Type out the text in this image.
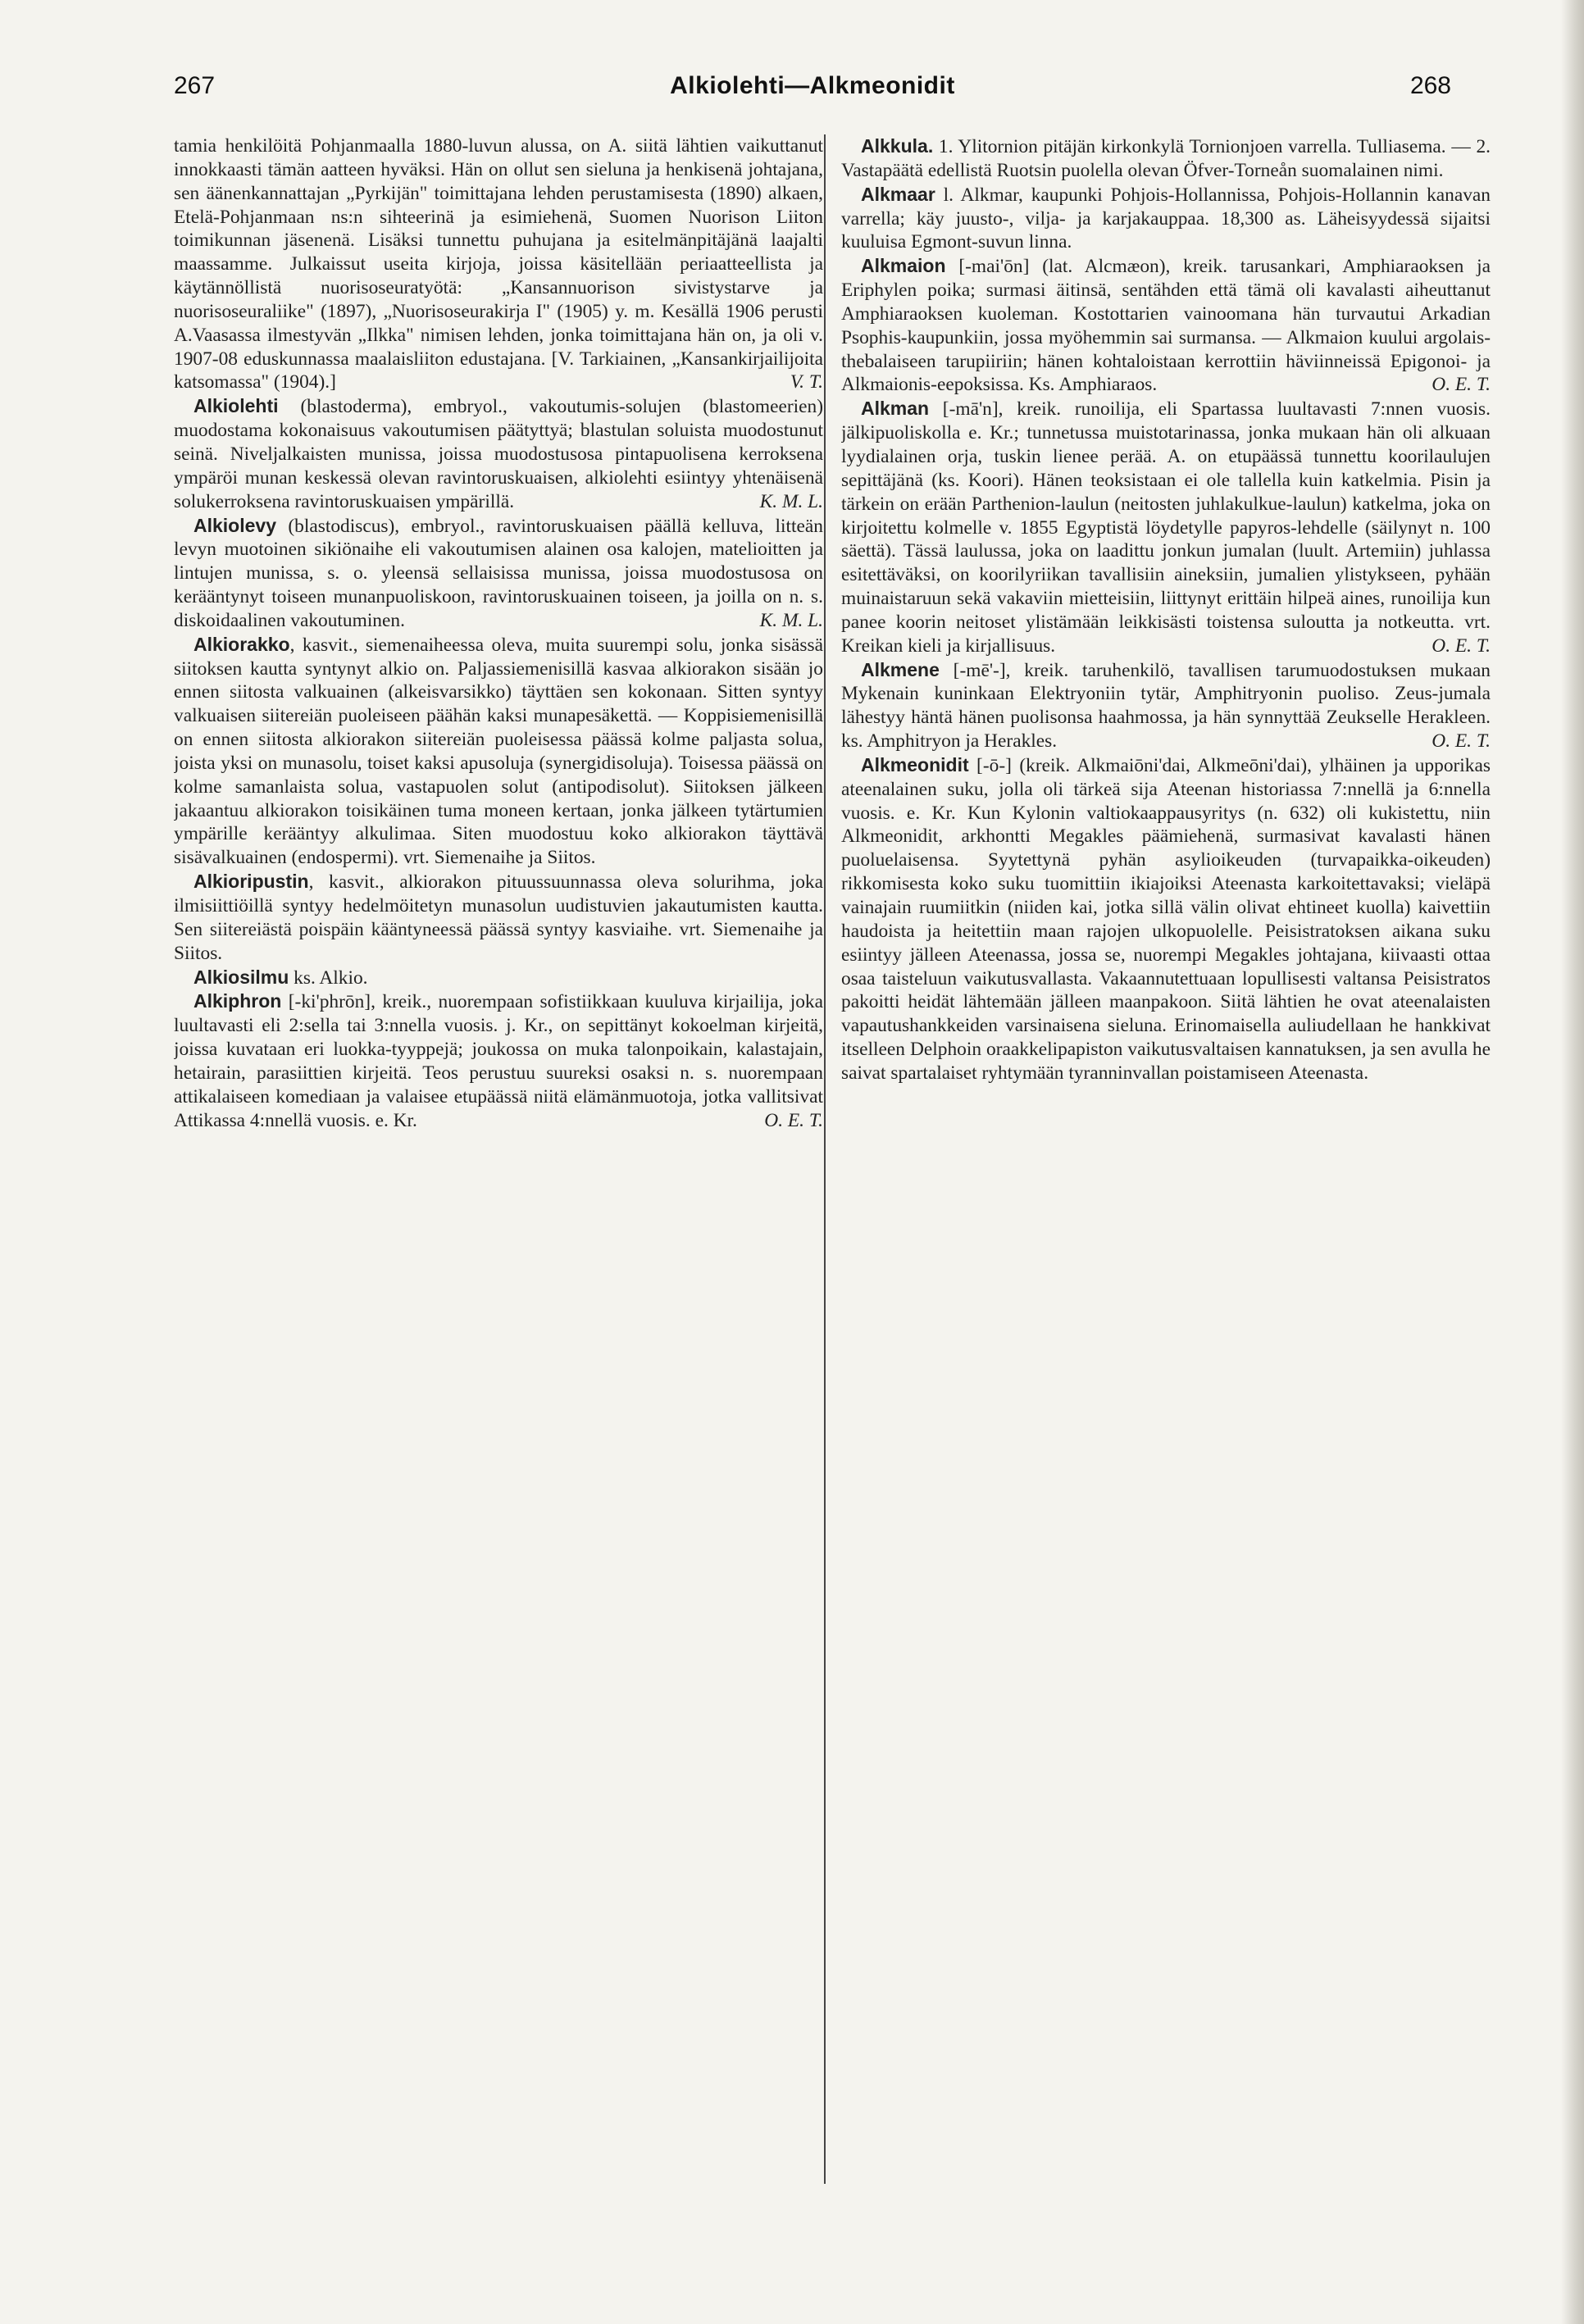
267	Alkiolehti—Alkmeonidit	268

tamia henkilöitä Pohjanmaalla 1880-luvun alussa, on A. siitä lähtien vaikuttanut innokkaasti tämän aatteen hyväksi. Hän on ollut sen sieluna ja henkisenä johtajana, sen äänenkannattajan „Pyrkijän" toimittajana lehden perustamisesta (1890) alkaen, Etelä-Pohjanmaan ns:n sihteerinä ja esimiehenä, Suomen Nuorison Liiton toimikunnan jäsenenä. Lisäksi tunnettu puhujana ja esitelmänpitäjänä laajalti maassamme. Julkaissut useita kirjoja, joissa käsitellään periaatteellista ja käytännöllistä nuorisoseuratyötä: „Kansannuorison sivistystarve ja nuorisoseuraliike" (1897), „Nuorisoseurakirja I" (1905) y. m. Kesällä 1906 perusti A.Vaasassa ilmestyvän „Ilkka" nimisen lehden, jonka toimittajana hän on, ja oli v. 1907-08 eduskunnassa maalaisliiton edustajana. [V. Tarkiainen, „Kansankirjailijoita katsomassa" (1904).]	V. T.

Alkiolehti (blastoderma), embryol., vakoutumis-solujen (blastomeerien) muodostama kokonaisuus vakoutumisen päätyttyä; blastulan soluista muodostunut seinä. Niveljalkaisten munissa, joissa muodostusosa pintapuolisena kerroksena ympäröi munan keskessä olevan ravintoruskuaisen, alkiolehti esiintyy yhtenäisenä solukerroksena ravintoruskuaisen ympärillä.	K. M. L.

Alkiolevy (blastodiscus), embryol., ravintoruskuaisen päällä kelluva, litteän levyn muotoinen sikiönaihe eli vakoutumisen alainen osa kalojen, matelioitten ja lintujen munissa, s. o. yleensä sellaisissa munissa, joissa muodostusosa on kerääntynyt toiseen munanpuoliskoon, ravintoruskuainen toiseen, ja joilla on n. s. diskoidaalinen vakoutuminen.	K. M. L.

Alkiorakko, kasvit., siemenaiheessa oleva, muita suurempi solu, jonka sisässä siitoksen kautta syntynyt alkio on. Paljassiemenisillä kasvaa alkiorakon sisään jo ennen siitosta valkuainen (alkeisvarsikko) täyttäen sen kokonaan. Sitten syntyy valkuaisen siitereiän puoleiseen päähän kaksi munapesäkettä. — Koppisiemenisillä on ennen siitosta alkiorakon siitereiän puoleisessa päässä kolme paljasta solua, joista yksi on munasolu, toiset kaksi apusoluja (synergidisoluja). Toisessa päässä on kolme samanlaista solua, vastapuolen solut (antipodisolut). Siitoksen jälkeen jakaantuu alkiorakon toisikäinen tuma moneen kertaan, jonka jälkeen tytärtumien ympärille kerääntyy alkulimaa. Siten muodostuu koko alkiorakon täyttävä sisävalkuainen (endospermi). vrt. Siemenaihe ja Siitos.

Alkioripustin, kasvit., alkiorakon pituussuunnassa oleva solurihma, joka ilmisiittiöillä syntyy hedelmöitetyn munasolun uudistuvien jakautumisten kautta. Sen siitereiästä poispäin kääntyneessä päässä syntyy kasviaihe. vrt. Siemenaihe ja Siitos.

Alkiosilmu ks. Alkio.

Alkiphron [-ki'phrōn], kreik., nuorempaan sofistiikkaan kuuluva kirjailija, joka luultavasti eli 2:sella tai 3:nnella vuosis. j. Kr., on sepittänyt kokoelman kirjeitä, joissa kuvataan eri luokka-tyyppejä; joukossa on muka talonpoikain, kalastajain, hetairain, parasiittien kirjeitä. Teos perustuu suureksi osaksi n. s. nuorempaan attikalaiseen komediaan ja valaisee etupäässä niitä elämänmuotoja, jotka vallitsivat Attikassa 4:nnellä vuosis. e. Kr.	O. E. T.

Alkkula. 1. Ylitornion pitäjän kirkonkylä Tornionjoen varrella. Tulliasema. — 2. Vastapäätä edellistä Ruotsin puolella olevan Öfver-Torneån suomalainen nimi.

Alkmaar l. Alkmar, kaupunki Pohjois-Hollannissa, Pohjois-Hollannin kanavan varrella; käy juusto-, vilja- ja karjakauppaa. 18,300 as. Läheisyydessä sijaitsi kuuluisa Egmont-suvun linna.

Alkmaion [-mai'ōn] (lat. Alcmæon), kreik. tarusankari, Amphiaraoksen ja Eriphylen poika; surmasi äitinsä, sentähden että tämä oli kavalasti aiheuttanut Amphiaraoksen kuoleman. Kostottarien vainoomana hän turvautui Arkadian Psophis-kaupunkiin, jossa myöhemmin sai surmansa. — Alkmaion kuului argolais-thebalaiseen tarupiiriin; hänen kohtaloistaan kerrottiin häviinneissä Epigonoi- ja Alkmaionis-eepoksissa. Ks. Amphiaraos.	O. E. T.

Alkman [-mā'n], kreik. runoilija, eli Spartassa luultavasti 7:nnen vuosis. jälkipuoliskolla e. Kr.; tunnetussa muistotarinassa, jonka mukaan hän oli alkuaan lyydialainen orja, tuskin lienee perää. A. on etupäässä tunnettu koorilaulujen sepittäjänä (ks. Koori). Hänen teoksistaan ei ole tallella kuin katkelmia. Pisin ja tärkein on erään Parthenion-laulun (neitosten juhlakulkue-laulun) katkelma, joka on kirjoitettu kolmelle v. 1855 Egyptistä löydetylle papyros-lehdelle (säilynyt n. 100 säettä). Tässä laulussa, joka on laadittu jonkun jumalan (luult. Artemiin) juhlassa esitettäväksi, on koorilyriikan tavallisiin aineksiin, jumalien ylistykseen, pyhään muinaistaruun sekä vakaviin mietteisiin, liittynyt erittäin hilpeä aines, runoilija kun panee koorin neitoset ylistämään leikkisästi toistensa suloutta ja notkeutta. vrt. Kreikan kieli ja kirjallisuus.	O. E. T.

Alkmene [-mē'-], kreik. taruhenkilö, tavallisen tarumuodostuksen mukaan Mykenain kuninkaan Elektryoniin tytär, Amphitryonin puoliso. Zeus-jumala lähestyy häntä hänen puolisonsa haahmossa, ja hän synnyttää Zeukselle Herakleen. ks. Amphitryon ja Herakles.	O. E. T.

Alkmeonidit [-ō-] (kreik. Alkmaiōni'dai, Alkmeōni'dai), ylhäinen ja upporikas ateenalainen suku, jolla oli tärkeä sija Ateenan historiassa 7:nnellä ja 6:nnella vuosis. e. Kr. Kun Kylonin valtiokaappausyritys (n. 632) oli kukistettu, niin Alkmeonidit, arkhontti Megakles päämiehenä, surmasivat kavalasti hänen puoluelaisensa. Syytettynä pyhän asylioikeuden (turvapaikka-oikeuden) rikkomisesta koko suku tuomittiin ikiajoiksi Ateenasta karkoitettavaksi; vieläpä vainajain ruumiitkin (niiden kai, jotka sillä välin olivat ehtineet kuolla) kaivettiin haudoista ja heitettiin maan rajojen ulkopuolelle. Peisistratoksen aikana suku esiintyy jälleen Ateenassa, jossa se, nuorempi Megakles johtajana, kiivaasti ottaa osaa taisteluun vaikutusvallasta. Vakaannutettuaan lopullisesti valtansa Peisistratos pakoitti heidät lähtemään jälleen maanpakoon. Siitä lähtien he ovat ateenalaisten vapautushankkeiden varsinaisena sieluna. Erinomaisella auliudellaan he hankkivat itselleen Delphoin oraakkelipapiston vaikutusvaltaisen kannatuksen, ja sen avulla he saivat spartalaiset ryhtymään tyranninvallan poistamiseen Ateenasta.
